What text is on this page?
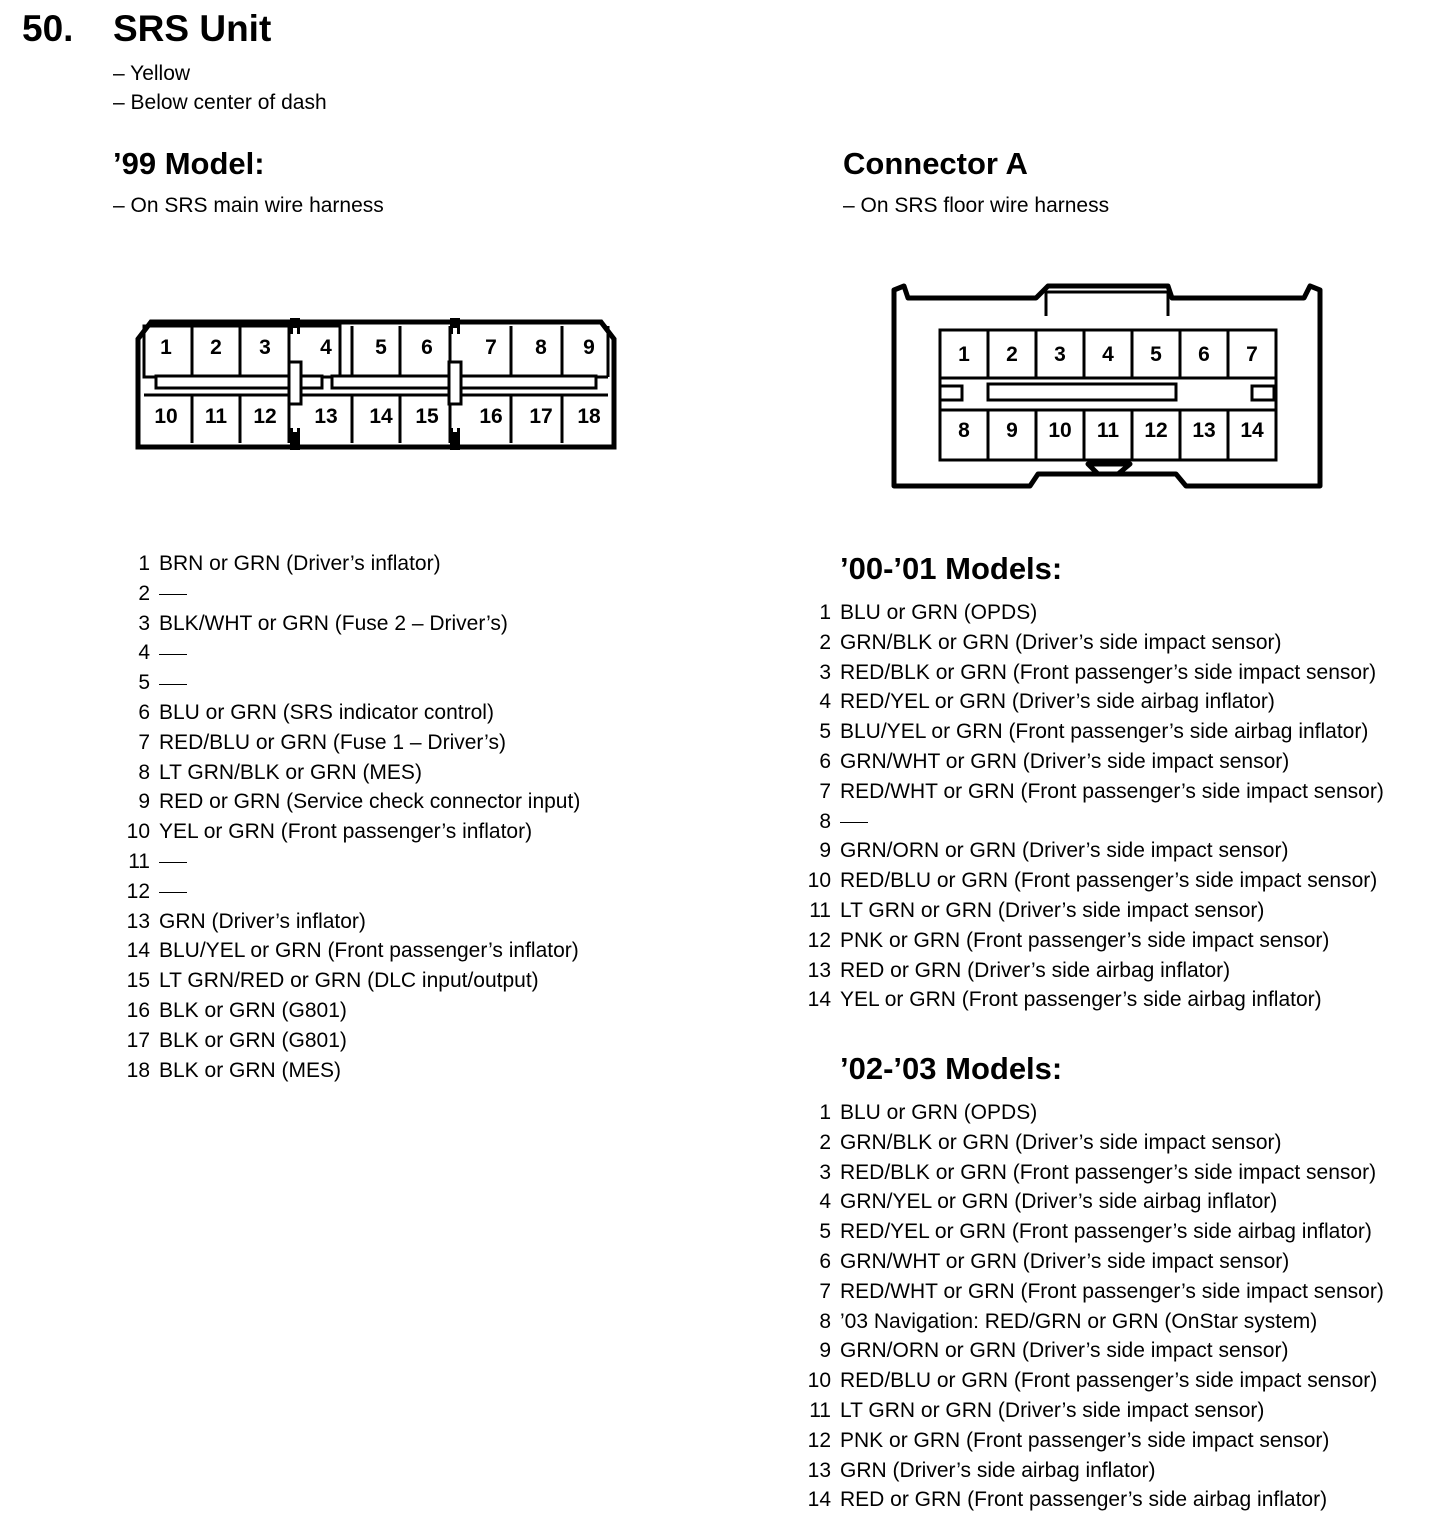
50. SRS Unit
– Yellow
– Below center of dash
’99 Model:
– On SRS main wire harness
Connector A
– On SRS floor wire harness
1 2 3 4 5 6 7 8 9
10 11 12 13 14 15 16 17 18
1 2 3 4 5 6 7
8 9 10 11 12 13 14
1 BRN or GRN (Driver’s inflator)
2
3 BLK/WHT or GRN (Fuse 2 – Driver’s)
4
5
6 BLU or GRN (SRS indicator control)
7 RED/BLU or GRN (Fuse 1 – Driver’s)
8 LT GRN/BLK or GRN (MES)
9 RED or GRN (Service check connector input)
10 YEL or GRN (Front passenger’s inflator)
11
12
13 GRN (Driver’s inflator)
14 BLU/YEL or GRN (Front passenger’s inflator)
15 LT GRN/RED or GRN (DLC input/output)
16 BLK or GRN (G801)
17 BLK or GRN (G801)
18 BLK or GRN (MES)
’00-’01 Models:
1 BLU or GRN (OPDS)
2 GRN/BLK or GRN (Driver’s side impact sensor)
3 RED/BLK or GRN (Front passenger’s side impact sensor)
4 RED/YEL or GRN (Driver’s side airbag inflator)
5 BLU/YEL or GRN (Front passenger’s side airbag inflator)
6 GRN/WHT or GRN (Driver’s side impact sensor)
7 RED/WHT or GRN (Front passenger’s side impact sensor)
8
9 GRN/ORN or GRN (Driver’s side impact sensor)
10 RED/BLU or GRN (Front passenger’s side impact sensor)
11 LT GRN or GRN (Driver’s side impact sensor)
12 PNK or GRN (Front passenger’s side impact sensor)
13 RED or GRN (Driver’s side airbag inflator)
14 YEL or GRN (Front passenger’s side airbag inflator)
’02-’03 Models:
1 BLU or GRN (OPDS)
2 GRN/BLK or GRN (Driver’s side impact sensor)
3 RED/BLK or GRN (Front passenger’s side impact sensor)
4 GRN/YEL or GRN (Driver’s side airbag inflator)
5 RED/YEL or GRN (Front passenger’s side airbag inflator)
6 GRN/WHT or GRN (Driver’s side impact sensor)
7 RED/WHT or GRN (Front passenger’s side impact sensor)
8 ’03 Navigation: RED/GRN or GRN (OnStar system)
9 GRN/ORN or GRN (Driver’s side impact sensor)
10 RED/BLU or GRN (Front passenger’s side impact sensor)
11 LT GRN or GRN (Driver’s side impact sensor)
12 PNK or GRN (Front passenger’s side impact sensor)
13 GRN (Driver’s side airbag inflator)
14 RED or GRN (Front passenger’s side airbag inflator)
